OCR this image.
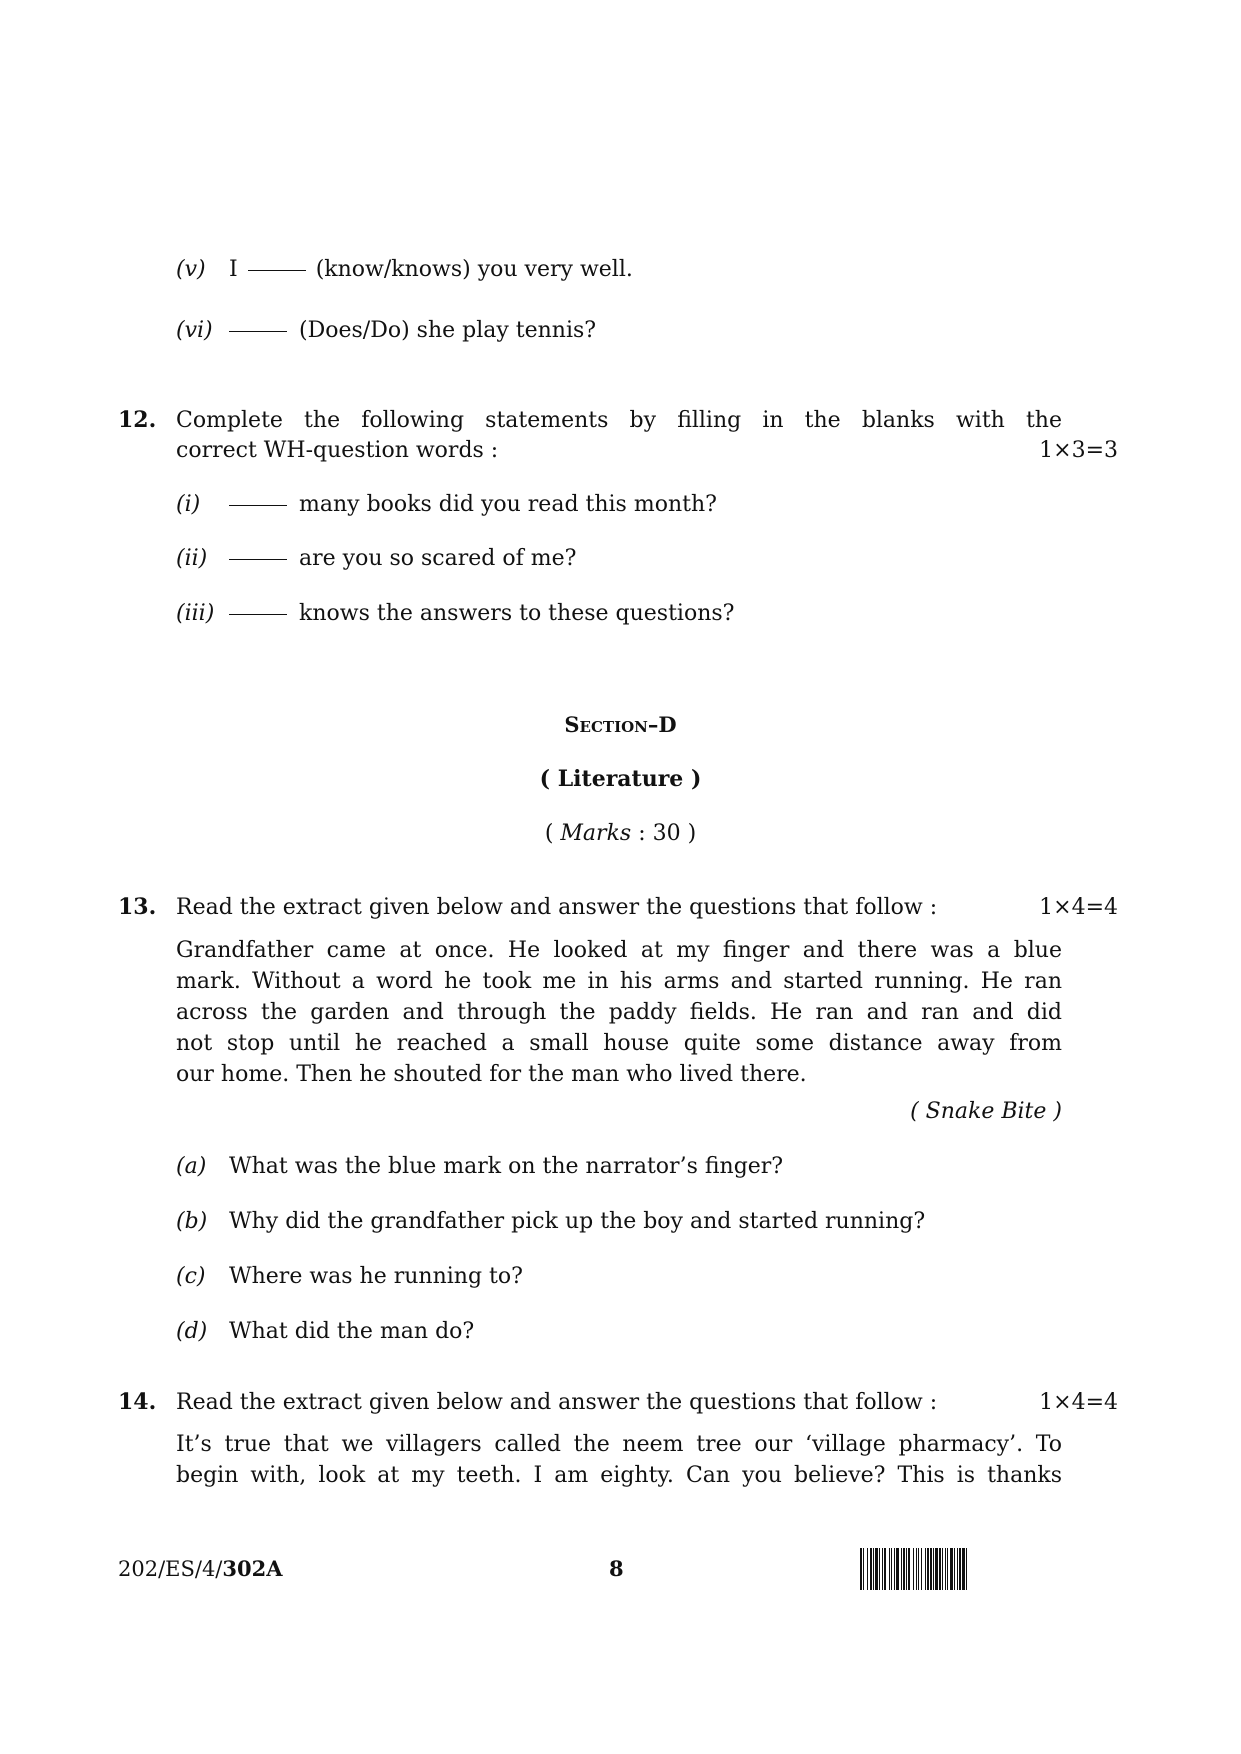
(v) I	(know/knows) you very well.
(vi)	(Does/Do) she play tennis?
12. Complete the following statements by filling in the blanks with the
correct WH-question words :	1×3=3
(i)	many books did you read this month?
(ii)	are you so scared of me?
(iii)	knows the answers to these questions?
Section–D
( Literature )
( Marks : 30 )
13. Read the extract given below and answer the questions that follow :	1×4=4
Grandfather came at once. He looked at my finger and there was a blue
mark. Without a word he took me in his arms and started running. He ran
across the garden and through the paddy fields. He ran and ran and did
not stop until he reached a small house quite some distance away from
our home. Then he shouted for the man who lived there.
( Snake Bite )
(a) What was the blue mark on the narrator’s finger?
(b) Why did the grandfather pick up the boy and started running?
(c) Where was he running to?
(d) What did the man do?
14. Read the extract given below and answer the questions that follow :	1×4=4
It’s true that we villagers called the neem tree our ‘village pharmacy’. To
begin with, look at my teeth. I am eighty. Can you believe? This is thanks
202/ES/4/302A	8
